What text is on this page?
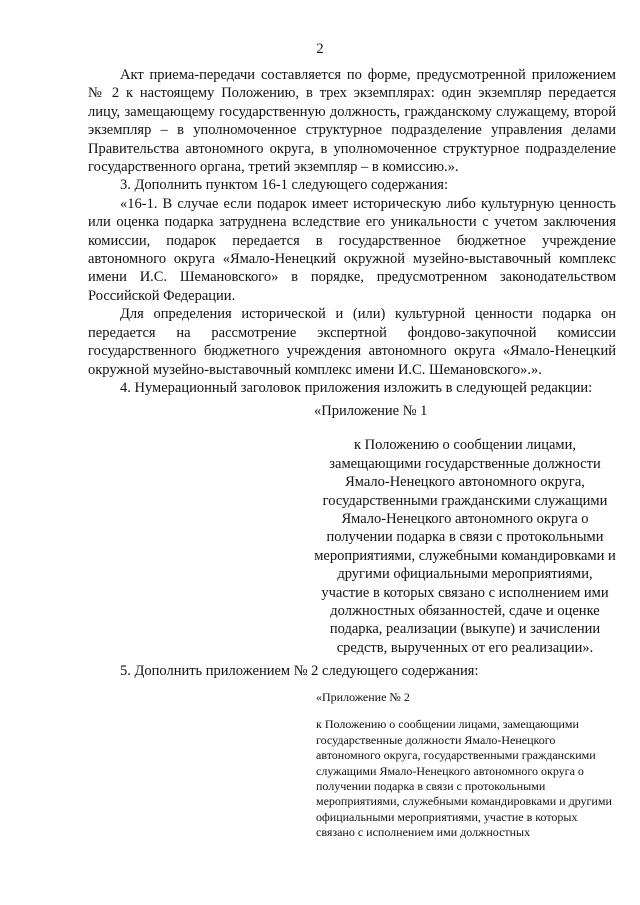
2

Акт приема-передачи составляется по форме, предусмотренной приложением № 2 к настоящему Положению, в трех экземплярах: один экземпляр передается лицу, замещающему государственную должность, гражданскому служащему, второй экземпляр – в уполномоченное структурное подразделение управления делами Правительства автономного округа, в уполномоченное структурное подразделение государственного органа, третий экземпляр – в комиссию.».

3. Дополнить пунктом 16-1 следующего содержания:

«16-1. В случае если подарок имеет историческую либо культурную ценность или оценка подарка затруднена вследствие его уникальности с учетом заключения комиссии, подарок передается в государственное бюджетное учреждение автономного округа «Ямало-Ненецкий окружной музейно-выставочный комплекс имени И.С. Шемановского» в порядке, предусмотренном законодательством Российской Федерации.

Для определения исторической и (или) культурной ценности подарка он передается на рассмотрение экспертной фондово-закупочной комиссии государственного бюджетного учреждения автономного округа «Ямало-Ненецкий окружной музейно-выставочный комплекс имени И.С. Шемановского».».

4. Нумерационный заголовок приложения изложить в следующей редакции:

«Приложение № 1

к Положению о сообщении лицами, замещающими государственные должности Ямало-Ненецкого автономного округа, государственными гражданскими служащими Ямало-Ненецкого автономного округа о получении подарка в связи с протокольными мероприятиями, служебными командировками и другими официальными мероприятиями, участие в которых связано с исполнением ими должностных обязанностей, сдаче и оценке подарка, реализации (выкупе) и зачислении средств, вырученных от его реализации».

5. Дополнить приложением № 2 следующего содержания:

«Приложение № 2

к Положению о сообщении лицами, замещающими государственные должности Ямало-Ненецкого автономного округа, государственными гражданскими служащими Ямало-Ненецкого автономного округа о получении подарка в связи с протокольными мероприятиями, служебными командировками и другими официальными мероприятиями, участие в которых связано с исполнением ими должностных
